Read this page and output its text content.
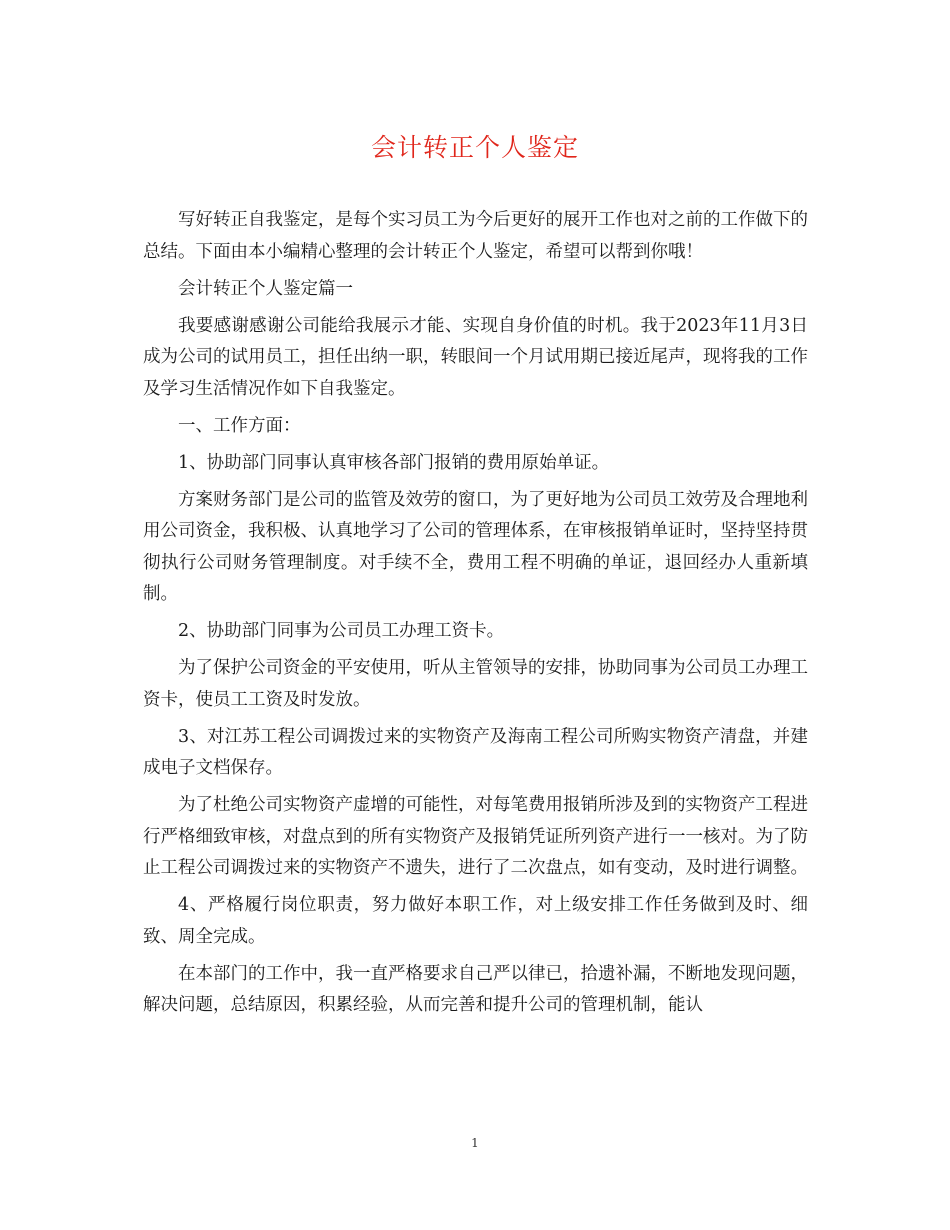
会计转正个人鉴定

写好转正自我鉴定，是每个实习员工为今后更好的展开工作也对之前的工作做下的总结。下面由本小编精心整理的会计转正个人鉴定，希望可以帮到你哦！

会计转正个人鉴定篇一

我要感谢感谢公司能给我展示才能、实现自身价值的时机。我于2023年11月3日成为公司的试用员工，担任出纳一职，转眼间一个月试用期已接近尾声，现将我的工作及学习生活情况作如下自我鉴定。

一、工作方面：

1、协助部门同事认真审核各部门报销的费用原始单证。

方案财务部门是公司的监管及效劳的窗口，为了更好地为公司员工效劳及合理地利用公司资金，我积极、认真地学习了公司的管理体系，在审核报销单证时，坚持坚持贯彻执行公司财务管理制度。对手续不全，费用工程不明确的单证，退回经办人重新填制。

2、协助部门同事为公司员工办理工资卡。

为了保护公司资金的平安使用，听从主管领导的安排，协助同事为公司员工办理工资卡，使员工工资及时发放。

3、对江苏工程公司调拨过来的实物资产及海南工程公司所购实物资产清盘，并建成电子文档保存。

为了杜绝公司实物资产虚增的可能性，对每笔费用报销所涉及到的实物资产工程进行严格细致审核，对盘点到的所有实物资产及报销凭证所列资产进行一一核对。为了防止工程公司调拨过来的实物资产不遗失，进行了二次盘点，如有变动，及时进行调整。

4、严格履行岗位职责，努力做好本职工作，对上级安排工作任务做到及时、细致、周全完成。

在本部门的工作中，我一直严格要求自己严以律已，拾遗补漏，不断地发现问题，解决问题，总结原因，积累经验，从而完善和提升公司的管理机制，能认

1
